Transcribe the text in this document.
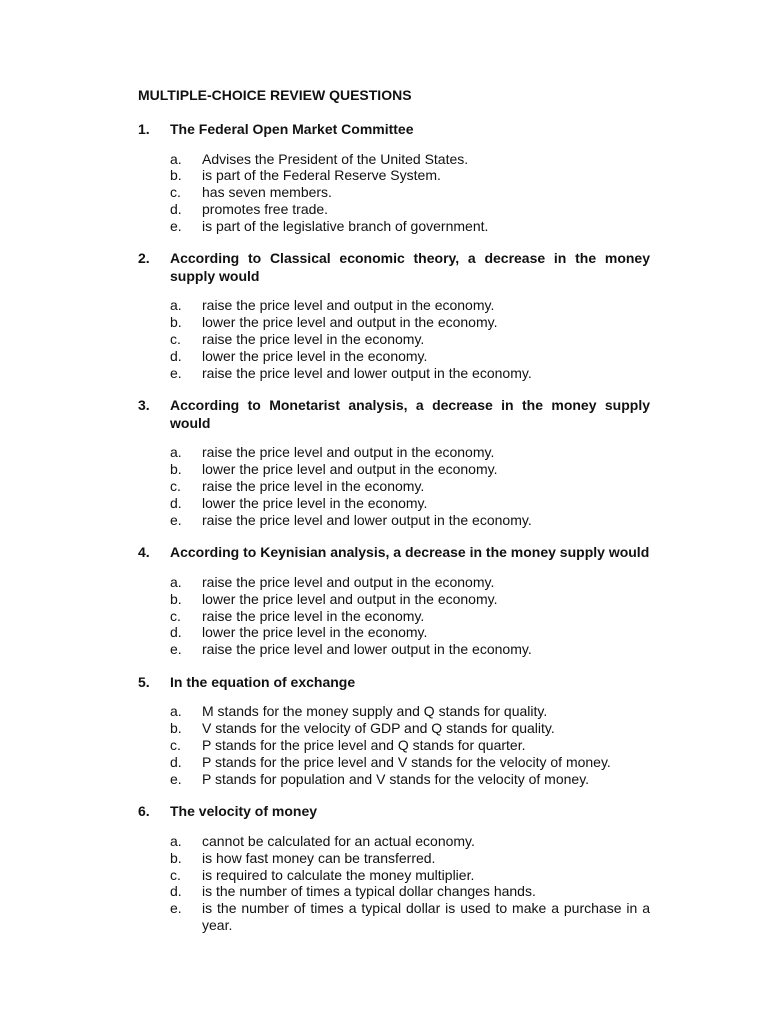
MULTIPLE-CHOICE REVIEW QUESTIONS
1.	The Federal Open Market Committee
a.	Advises the President of the United States.
b.	is part of the Federal Reserve System.
c.	has seven members.
d.	promotes free trade.
e.	is part of the legislative branch of government.
2.	According to Classical economic theory, a decrease in the money supply would
a.	raise the price level and output in the economy.
b.	lower the price level and output in the economy.
c.	raise the price level in the economy.
d.	lower the price level in the economy.
e.	raise the price level and lower output in the economy.
3.	According to Monetarist analysis, a decrease in the money supply would
a.	raise the price level and output in the economy.
b.	lower the price level and output in the economy.
c.	raise the price level in the economy.
d.	lower the price level in the economy.
e.	raise the price level and lower output in the economy.
4.	According to Keynisian analysis, a decrease in the money supply would
a.	raise the price level and output in the economy.
b.	lower the price level and output in the economy.
c.	raise the price level in the economy.
d.	lower the price level in the economy.
e.	raise the price level and lower output in the economy.
5.	In the equation of exchange
a.	M stands for the money supply and Q stands for quality.
b.	V stands for the velocity of GDP and Q stands for quality.
c.	P stands for the price level and Q stands for quarter.
d.	P stands for the price level and V stands for the velocity of money.
e.	P stands for population and V stands for the velocity of money.
6.	The velocity of money
a.	cannot be calculated for an actual economy.
b.	is how fast money can be transferred.
c.	is required to calculate the money multiplier.
d.	is the number of times a typical dollar changes hands.
e.	is the number of times a typical dollar is used to make a purchase in a year.
